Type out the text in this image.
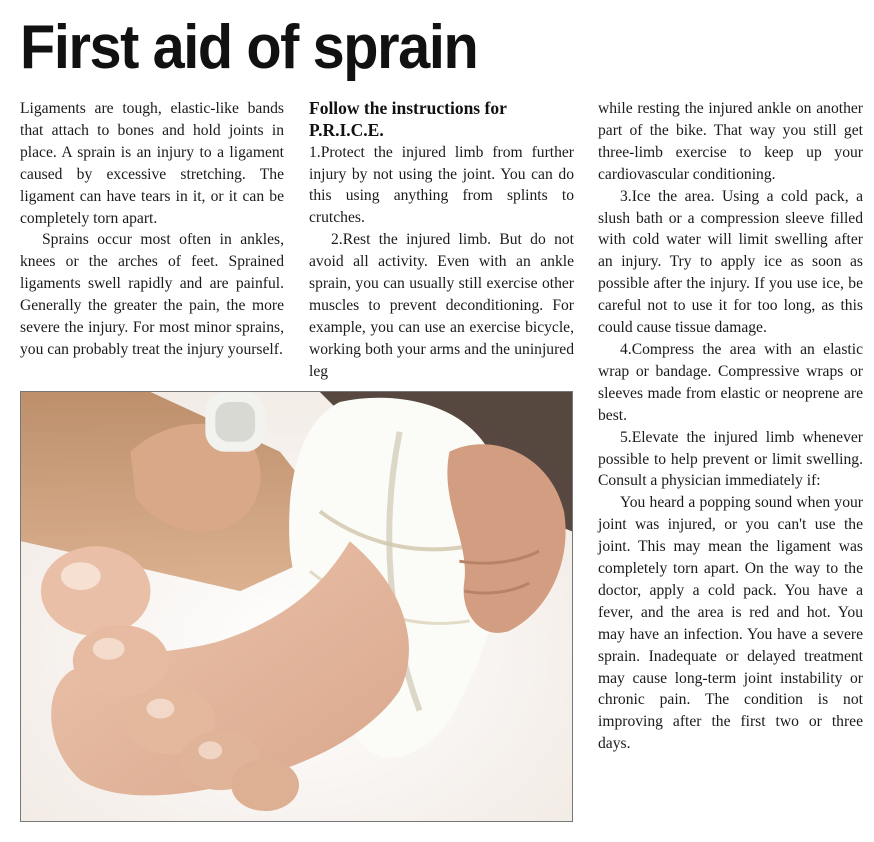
First aid of sprain

Ligaments are tough, elastic-like bands that attach to bones and hold joints in place. A sprain is an injury to a ligament caused by excessive stretching. The ligament can have tears in it, or it can be completely torn apart.

Sprains occur most often in ankles, knees or the arches of feet. Sprained ligaments swell rapidly and are painful. Generally the greater the pain, the more severe the injury. For most minor sprains, you can probably treat the injury yourself.

Follow the instructions for P.R.I.C.E.

1.Protect the injured limb from further injury by not using the joint. You can do this using anything from splints to crutches.

2.Rest the injured limb. But do not avoid all activity. Even with an ankle sprain, you can usually still exercise other muscles to prevent deconditioning. For example, you can use an exercise bicycle, working both your arms and the uninjured leg

while resting the injured ankle on another part of the bike. That way you still get three-limb exercise to keep up your cardiovascular conditioning.

3.Ice the area. Using a cold pack, a slush bath or a compression sleeve filled with cold water will limit swelling after an injury. Try to apply ice as soon as possible after the injury. If you use ice, be careful not to use it for too long, as this could cause tissue damage.

4.Compress the area with an elastic wrap or bandage. Compressive wraps or sleeves made from elastic or neoprene are best.

5.Elevate the injured limb whenever possible to help prevent or limit swelling. Consult a physician immediately if:

You heard a popping sound when your joint was injured, or you can't use the joint. This may mean the ligament was completely torn apart. On the way to the doctor, apply a cold pack. You have a fever, and the area is red and hot. You may have an infection. You have a severe sprain. Inadequate or delayed treatment may cause long-term joint instability or chronic pain. The condition is not improving after the first two or three days.
